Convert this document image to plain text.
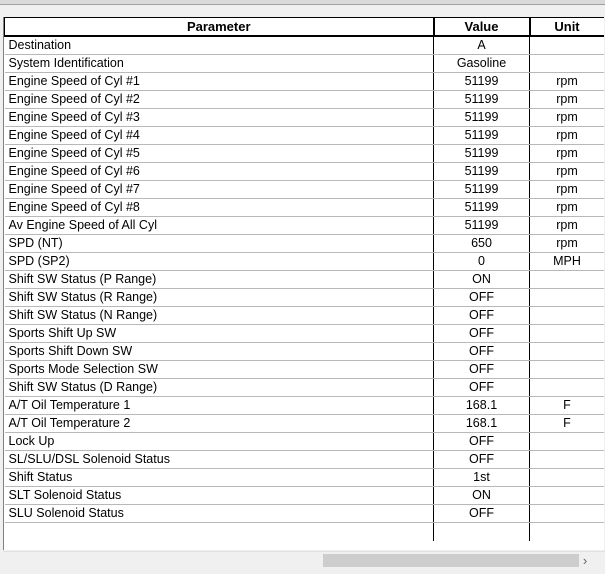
Parameter	Value	Unit
Destination	A	
System Identification	Gasoline	
Engine Speed of Cyl #1	51199	rpm
Engine Speed of Cyl #2	51199	rpm
Engine Speed of Cyl #3	51199	rpm
Engine Speed of Cyl #4	51199	rpm
Engine Speed of Cyl #5	51199	rpm
Engine Speed of Cyl #6	51199	rpm
Engine Speed of Cyl #7	51199	rpm
Engine Speed of Cyl #8	51199	rpm
Av Engine Speed of All Cyl	51199	rpm
SPD (NT)	650	rpm
SPD (SP2)	0	MPH
Shift SW Status (P Range)	ON	
Shift SW Status (R Range)	OFF	
Shift SW Status (N Range)	OFF	
Sports Shift Up SW	OFF	
Sports Shift Down SW	OFF	
Sports Mode Selection SW	OFF	
Shift SW Status (D Range)	OFF	
A/T Oil Temperature 1	168.1	F
A/T Oil Temperature 2	168.1	F
Lock Up	OFF	
SL/SLU/DSL Solenoid Status	OFF	
Shift Status	1st	
SLT Solenoid Status	ON	
SLU Solenoid Status	OFF	

›
